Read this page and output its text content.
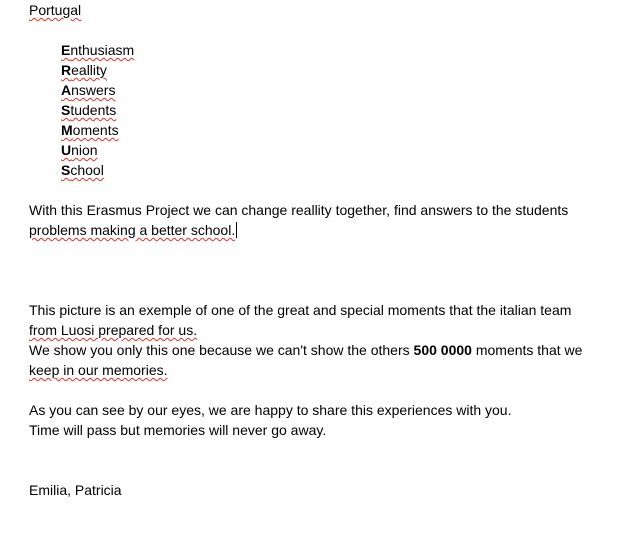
Portugal
Enthusiasm
Reallity
Answers
Students
Moments
Union
School
With this Erasmus Project we can change reallity together, find answers to the students
problems making a better school.
This picture is an exemple of one of the great and special moments that the italian team
from Luosi prepared for us.
We show you only this one because we can't show the others 500 0000 moments that we
keep in our memories.
As you can see by our eyes, we are happy to share this experiences with you.
Time will pass but memories will never go away.
Emilia, Patricia
